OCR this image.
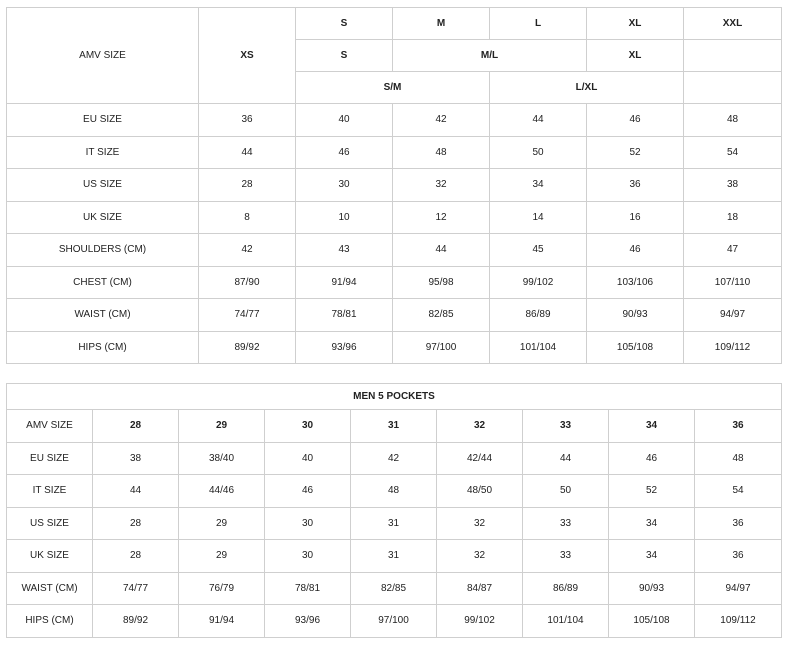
AMV SIZE	XS	S	M	L	XL	XXL
		S	M/L		XL	
		S/M		L/XL		
EU SIZE	36	40	42	44	46	48
IT SIZE	44	46	48	50	52	54
US SIZE	28	30	32	34	36	38
UK SIZE	8	10	12	14	16	18
SHOULDERS (CM)	42	43	44	45	46	47
CHEST (CM)	87/90	91/94	95/98	99/102	103/106	107/110
WAIST (CM)	74/77	78/81	82/85	86/89	90/93	94/97
HIPS (CM)	89/92	93/96	97/100	101/104	105/108	109/112
MEN 5 POCKETS								
AMV SIZE	28	29	30	31	32	33	34	36
EU SIZE	38	38/40	40	42	42/44	44	46	48
IT SIZE	44	44/46	46	48	48/50	50	52	54
US SIZE	28	29	30	31	32	33	34	36
UK SIZE	28	29	30	31	32	33	34	36
WAIST (CM)	74/77	76/79	78/81	82/85	84/87	86/89	90/93	94/97
HIPS (CM)	89/92	91/94	93/96	97/100	99/102	101/104	105/108	109/112
